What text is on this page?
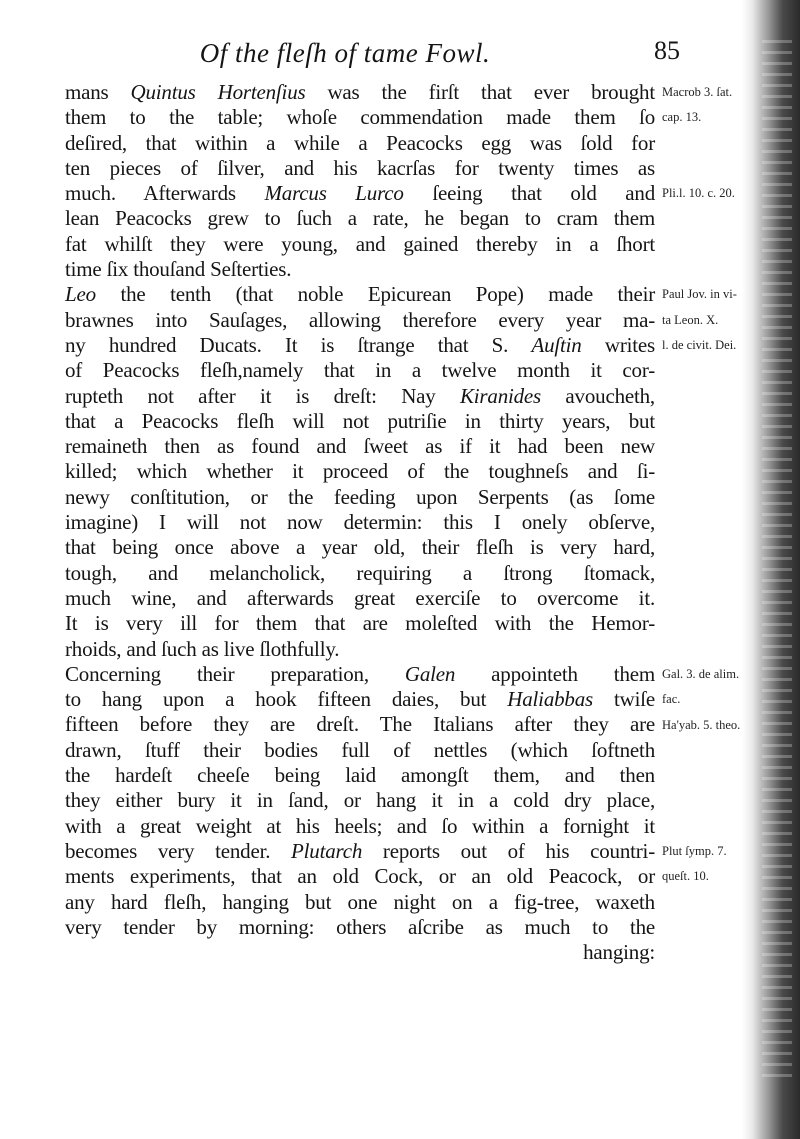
Of the fleſh of tame Fowl.	85
mans Quintus Hortenſius was the firſt that ever brought
them to the table; whoſe commendation made them ſo
deſired, that within a while a Peacocks egg was ſold for
ten pieces of ſilver, and his kacrſas for twenty times as
much. Afterwards Marcus Lurco ſeeing that old and
lean Peacocks grew to ſuch a rate, he began to cram them
fat whilſt they were young, and gained thereby in a ſhort
time ſix thouſand Seſterties.
Leo the tenth (that noble Epicurean Pope) made their
brawnes into Sauſages, allowing therefore every year ma-
ny hundred Ducats. It is ſtrange that S. Auſtin writes
of Peacocks fleſh,namely that in a twelve month it cor-
rupteth not after it is dreſt: Nay Kiranides avoucheth,
that a Peacocks fleſh will not putriſie in thirty years, but
remaineth then as found and ſweet as if it had been new
killed; which whether it proceed of the toughneſs and ſi-
newy conſtitution, or the feeding upon Serpents (as ſome
imagine) I will not now determin: this I onely obſerve,
that being once above a year old, their fleſh is very hard,
tough, and melancholick, requiring a ſtrong ſtomack,
much wine, and afterwards great exerciſe to overcome it.
It is very ill for them that are moleſted with the Hemor-
rhoids, and ſuch as live ſlothfully.
Concerning their preparation, Galen appointeth them
to hang upon a hook fifteen daies, but Haliabbas twiſe
fifteen before they are dreſt. The Italians after they are
drawn, ſtuff their bodies full of nettles (which ſoftneth
the hardeſt cheeſe being laid amongſt them, and then
they either bury it in ſand, or hang it in a cold dry place,
with a great weight at his heels; and ſo within a fornight it
becomes very tender. Plutarch reports out of his countri-
ments experiments, that an old Cock, or an old Peacock, or
any hard fleſh, hanging but one night on a fig-tree, waxeth
very tender by morning: others aſcribe as much to the
hanging:
Macrob 3. ſat.
cap. 13.
Pli.l. 10. c. 20.
Paul Jov. in vi-
ta Leon. X.
l. de civit. Dei.
Gal. 3. de alim.
fac.
Ha'yab. 5. theo.
Plut ſymp. 7.
queſt. 10.
